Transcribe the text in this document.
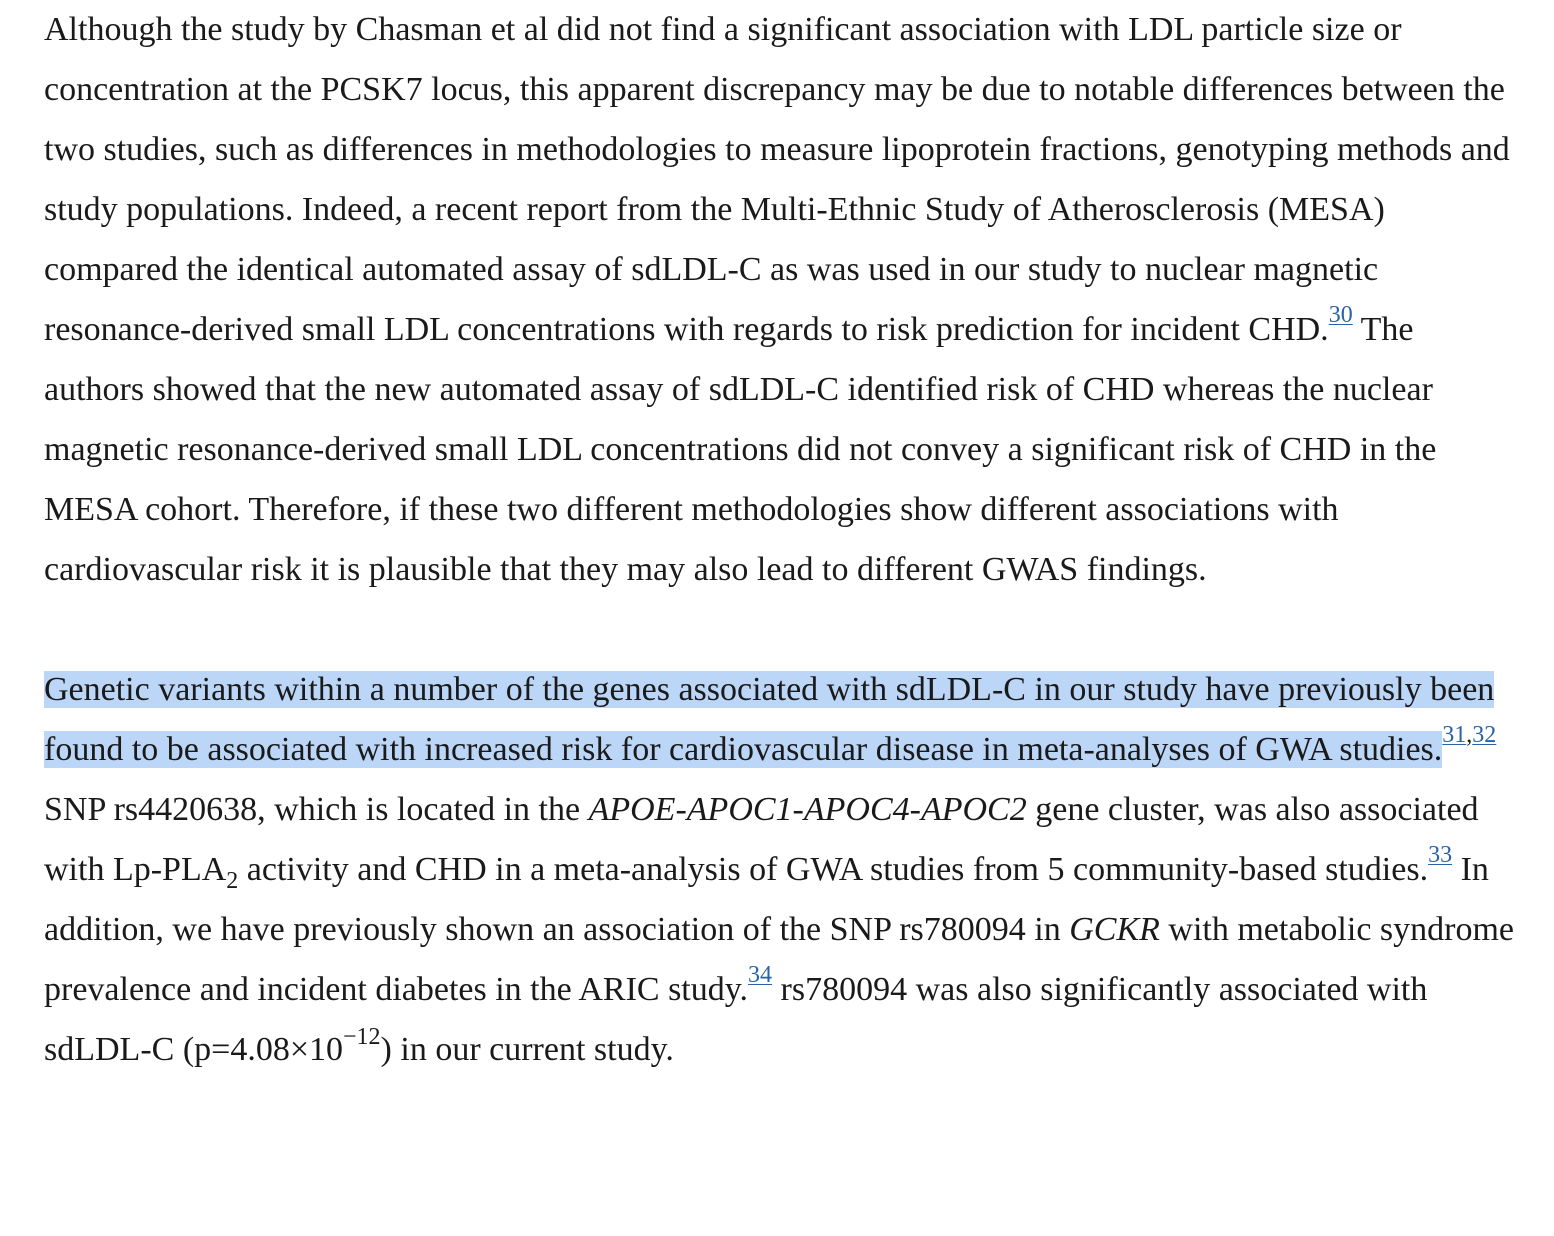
Although the study by Chasman et al did not find a significant association with LDL particle size or concentration at the PCSK7 locus, this apparent discrepancy may be due to notable differences between the two studies, such as differences in methodologies to measure lipoprotein fractions, genotyping methods and study populations. Indeed, a recent report from the Multi-Ethnic Study of Atherosclerosis (MESA) compared the identical automated assay of sdLDL-C as was used in our study to nuclear magnetic resonance-derived small LDL concentrations with regards to risk prediction for incident CHD.$^{30}$ The authors showed that the new automated assay of sdLDL-C identified risk of CHD whereas the nuclear magnetic resonance-derived small LDL concentrations did not convey a significant risk of CHD in the MESA cohort. Therefore, if these two different methodologies show different associations with cardiovascular risk it is plausible that they may also lead to different GWAS findings.

Genetic variants within a number of the genes associated with sdLDL-C in our study have previously been found to be associated with increased risk for cardiovascular disease in meta-analyses of GWA studies.$^{31,32}$ SNP rs4420638, which is located in the APOE-APOC1-APOC4-APOC2 gene cluster, was also associated with $Lp-PLA_2$ activity and CHD in a meta-analysis of GWA studies from 5 community-based studies.$^{33}$ In addition, we have previously shown an association of the SNP rs780094 in GCKR with metabolic syndrome prevalence and incident diabetes in the ARIC study.$^{34}$ rs780094 was also significantly associated with sdLDL-C $(p=4.08\times 10^{-12})$ in our current study.
